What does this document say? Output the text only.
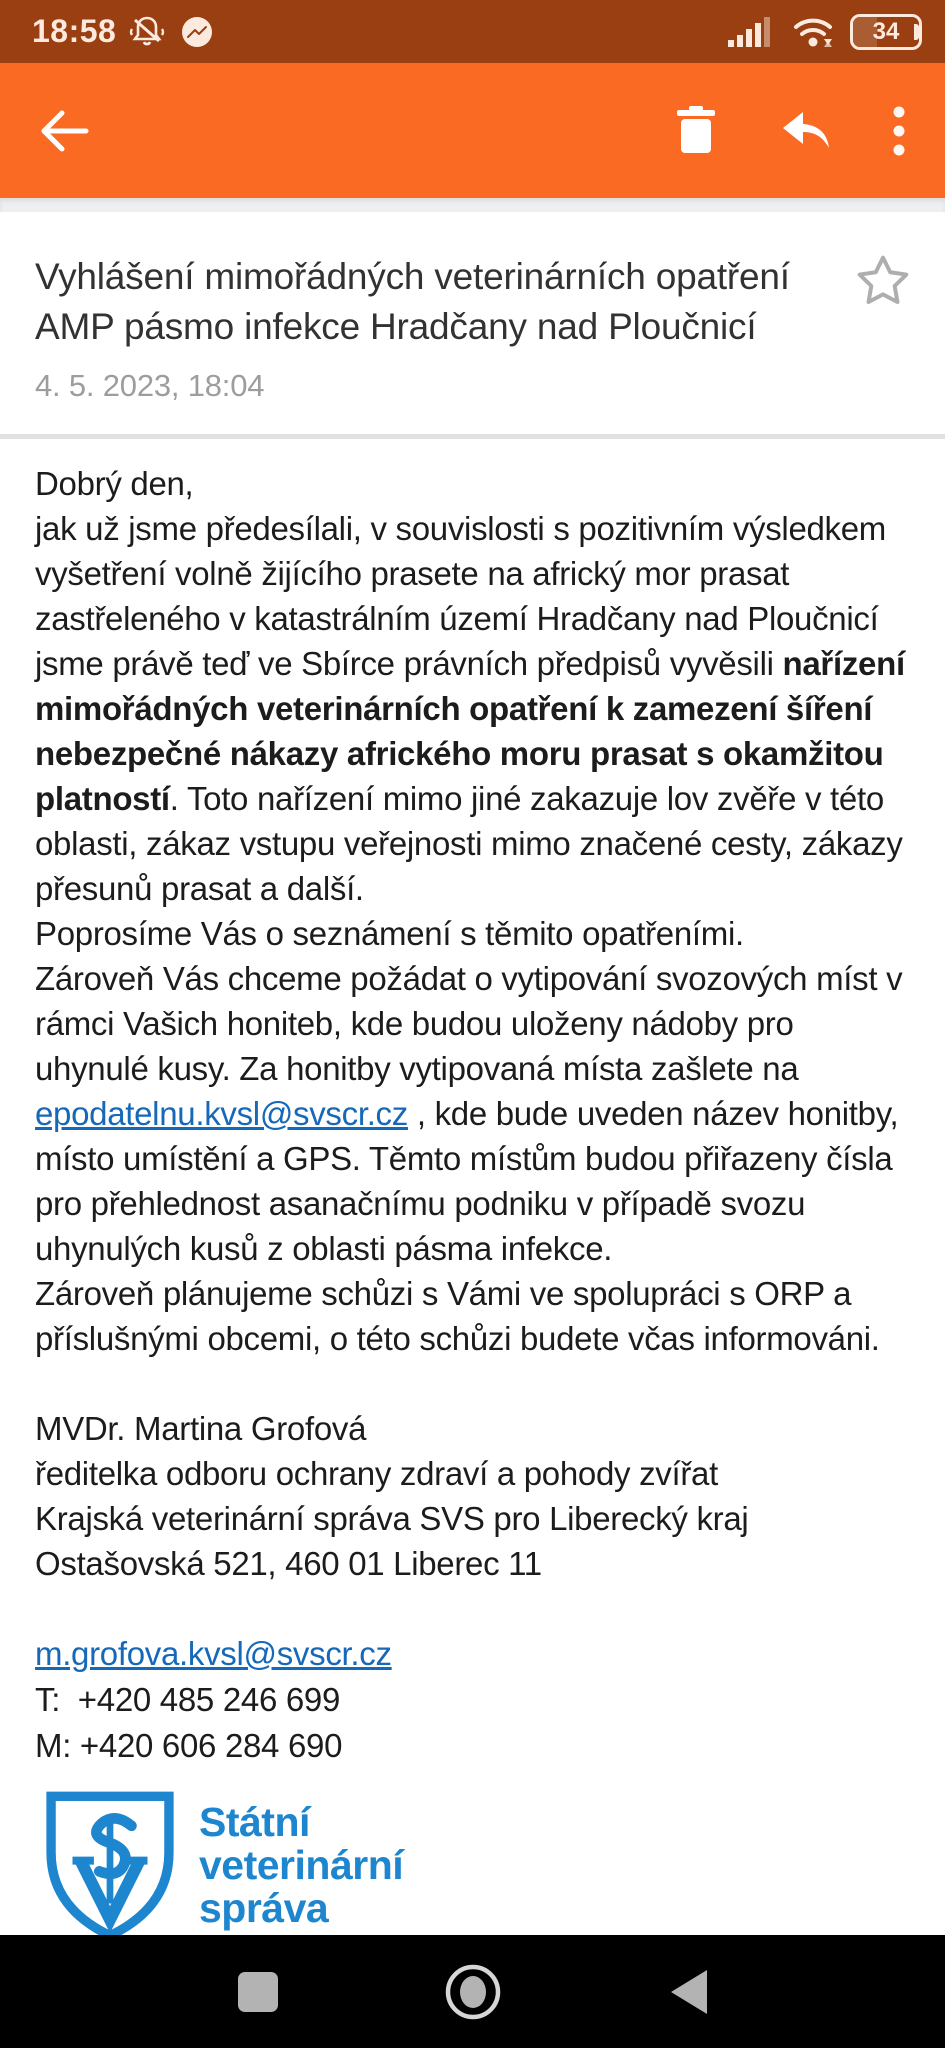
18:58	34
Vyhlášení mimořádných veterinárních opatření AMP pásmo infekce Hradčany nad Ploučnicí
4. 5. 2023, 18:04
Dobrý den,
jak už jsme předesílali, v souvislosti s pozitivním výsledkem vyšetření volně žijícího prasete na africký mor prasat zastřeleného v katastrálním území Hradčany nad Ploučnicí jsme právě teď ve Sbírce právních předpisů vyvěsili nařízení mimořádných veterinárních opatření k zamezení šíření nebezpečné nákazy afrického moru prasat s okamžitou platností. Toto nařízení mimo jiné zakazuje lov zvěře v této oblasti, zákaz vstupu veřejnosti mimo značené cesty, zákazy přesunů prasat a další.
Poprosíme Vás o seznámení s těmito opatřeními.
Zároveň Vás chceme požádat o vytipování svozových míst v rámci Vašich honiteb, kde budou uloženy nádoby pro uhynulé kusy. Za honitby vytipovaná místa zašlete na epodatelnu.kvsl@svscr.cz , kde bude uveden název honitby, místo umístění a GPS. Těmto místům budou přiřazeny čísla pro přehlednost asanačnímu podniku v případě svozu uhynulých kusů z oblasti pásma infekce.
Zároveň plánujeme schůzi s Vámi ve spolupráci s ORP a příslušnými obcemi, o této schůzi budete včas informováni.
MVDr. Martina Grofová
ředitelka odboru ochrany zdraví a pohody zvířat
Krajská veterinární správa SVS pro Liberecký kraj
Ostašovská 521, 460 01 Liberec 11
m.grofova.kvsl@svscr.cz
T:  +420 485 246 699
M: +420 606 284 690
Státní
veterinární
správa
